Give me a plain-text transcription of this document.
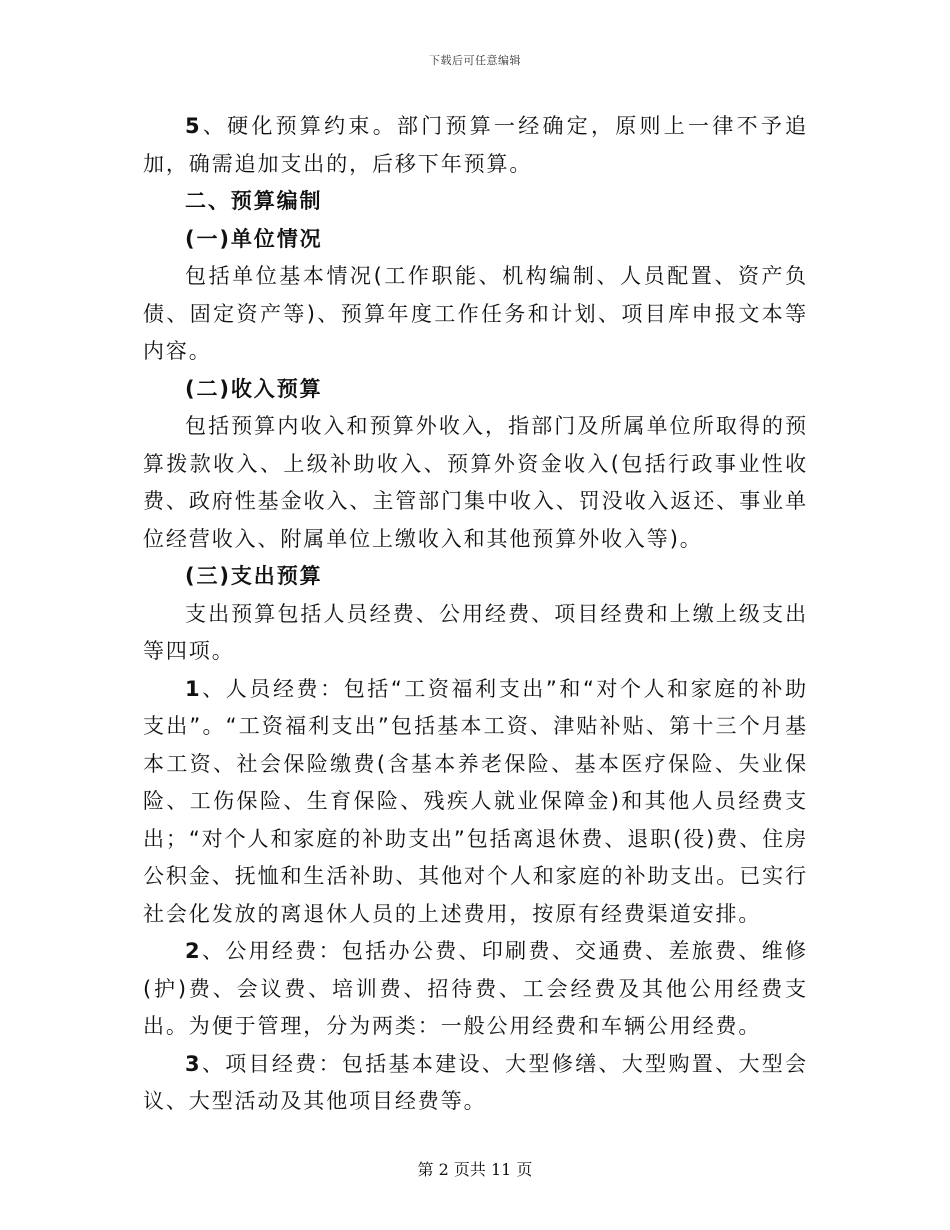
下载后可任意编辑

5、硬化预算约束。部门预算一经确定，原则上一律不予追加，确需追加支出的，后移下年预算。

二、预算编制

(一)单位情况

包括单位基本情况(工作职能、机构编制、人员配置、资产负债、固定资产等)、预算年度工作任务和计划、项目库申报文本等内容。

(二)收入预算

包括预算内收入和预算外收入，指部门及所属单位所取得的预算拨款收入、上级补助收入、预算外资金收入(包括行政事业性收费、政府性基金收入、主管部门集中收入、罚没收入返还、事业单位经营收入、附属单位上缴收入和其他预算外收入等)。

(三)支出预算

支出预算包括人员经费、公用经费、项目经费和上缴上级支出等四项。

1、人员经费：包括“工资福利支出”和“对个人和家庭的补助支出”。“工资福利支出”包括基本工资、津贴补贴、第十三个月基本工资、社会保险缴费(含基本养老保险、基本医疗保险、失业保险、工伤保险、生育保险、残疾人就业保障金)和其他人员经费支出；“对个人和家庭的补助支出”包括离退休费、退职(役)费、住房公积金、抚恤和生活补助、其他对个人和家庭的补助支出。已实行社会化发放的离退休人员的上述费用，按原有经费渠道安排。

2、公用经费：包括办公费、印刷费、交通费、差旅费、维修(护)费、会议费、培训费、招待费、工会经费及其他公用经费支出。为便于管理，分为两类：一般公用经费和车辆公用经费。

3、项目经费：包括基本建设、大型修缮、大型购置、大型会议、大型活动及其他项目经费等。

第 2 页共 11 页
